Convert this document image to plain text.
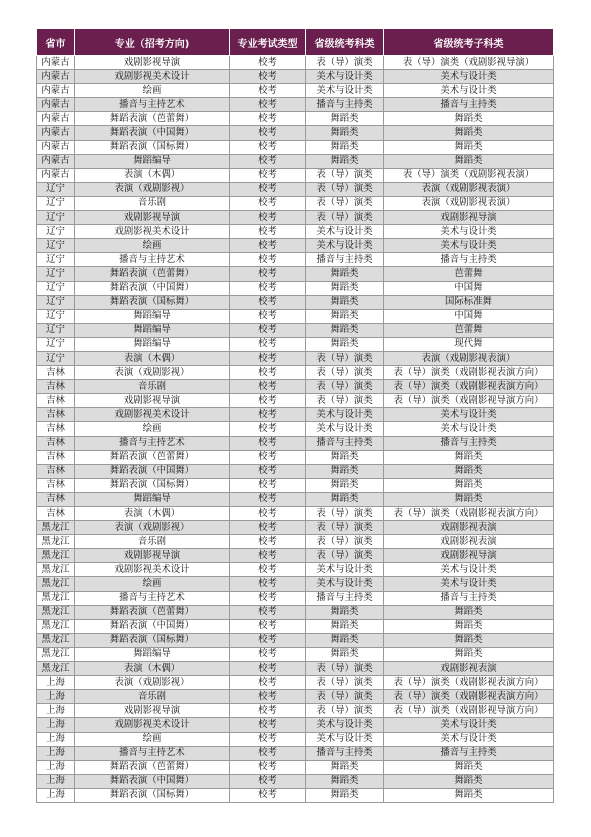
省市	专业（招考方向)	专业考试类型	省级统考科类	省级统考子科类
内蒙古	戏剧影视导演	校考	表（导）演类	表（导）演类（戏剧影视导演）
内蒙古	戏剧影视美术设计	校考	美术与设计类	美术与设计类
内蒙古	绘画	校考	美术与设计类	美术与设计类
内蒙古	播音与主持艺术	校考	播音与主持类	播音与主持类
内蒙古	舞蹈表演（芭蕾舞）	校考	舞蹈类	舞蹈类
内蒙古	舞蹈表演（中国舞）	校考	舞蹈类	舞蹈类
内蒙古	舞蹈表演（国标舞）	校考	舞蹈类	舞蹈类
内蒙古	舞蹈编导	校考	舞蹈类	舞蹈类
内蒙古	表演（木偶）	校考	表（导）演类	表（导）演类（戏剧影视表演）
辽宁	表演（戏剧影视）	校考	表（导）演类	表演（戏剧影视表演）
辽宁	音乐剧	校考	表（导）演类	表演（戏剧影视表演）
辽宁	戏剧影视导演	校考	表（导）演类	戏剧影视导演
辽宁	戏剧影视美术设计	校考	美术与设计类	美术与设计类
辽宁	绘画	校考	美术与设计类	美术与设计类
辽宁	播音与主持艺术	校考	播音与主持类	播音与主持类
辽宁	舞蹈表演（芭蕾舞）	校考	舞蹈类	芭蕾舞
辽宁	舞蹈表演（中国舞）	校考	舞蹈类	中国舞
辽宁	舞蹈表演（国标舞）	校考	舞蹈类	国际标准舞
辽宁	舞蹈编导	校考	舞蹈类	中国舞
辽宁	舞蹈编导	校考	舞蹈类	芭蕾舞
辽宁	舞蹈编导	校考	舞蹈类	现代舞
辽宁	表演（木偶）	校考	表（导）演类	表演（戏剧影视表演）
吉林	表演（戏剧影视）	校考	表（导）演类	表（导）演类（戏剧影视表演方向）
吉林	音乐剧	校考	表（导）演类	表（导）演类（戏剧影视表演方向）
吉林	戏剧影视导演	校考	表（导）演类	表（导）演类（戏剧影视导演方向）
吉林	戏剧影视美术设计	校考	美术与设计类	美术与设计类
吉林	绘画	校考	美术与设计类	美术与设计类
吉林	播音与主持艺术	校考	播音与主持类	播音与主持类
吉林	舞蹈表演（芭蕾舞）	校考	舞蹈类	舞蹈类
吉林	舞蹈表演（中国舞）	校考	舞蹈类	舞蹈类
吉林	舞蹈表演（国标舞）	校考	舞蹈类	舞蹈类
吉林	舞蹈编导	校考	舞蹈类	舞蹈类
吉林	表演（木偶）	校考	表（导）演类	表（导）演类（戏剧影视表演方向）
黑龙江	表演（戏剧影视）	校考	表（导）演类	戏剧影视表演
黑龙江	音乐剧	校考	表（导）演类	戏剧影视表演
黑龙江	戏剧影视导演	校考	表（导）演类	戏剧影视导演
黑龙江	戏剧影视美术设计	校考	美术与设计类	美术与设计类
黑龙江	绘画	校考	美术与设计类	美术与设计类
黑龙江	播音与主持艺术	校考	播音与主持类	播音与主持类
黑龙江	舞蹈表演（芭蕾舞）	校考	舞蹈类	舞蹈类
黑龙江	舞蹈表演（中国舞）	校考	舞蹈类	舞蹈类
黑龙江	舞蹈表演（国标舞）	校考	舞蹈类	舞蹈类
黑龙江	舞蹈编导	校考	舞蹈类	舞蹈类
黑龙江	表演（木偶）	校考	表（导）演类	戏剧影视表演
上海	表演（戏剧影视）	校考	表（导）演类	表（导）演类（戏剧影视表演方向）
上海	音乐剧	校考	表（导）演类	表（导）演类（戏剧影视表演方向）
上海	戏剧影视导演	校考	表（导）演类	表（导）演类（戏剧影视导演方向）
上海	戏剧影视美术设计	校考	美术与设计类	美术与设计类
上海	绘画	校考	美术与设计类	美术与设计类
上海	播音与主持艺术	校考	播音与主持类	播音与主持类
上海	舞蹈表演（芭蕾舞）	校考	舞蹈类	舞蹈类
上海	舞蹈表演（中国舞）	校考	舞蹈类	舞蹈类
上海	舞蹈表演（国标舞）	校考	舞蹈类	舞蹈类
